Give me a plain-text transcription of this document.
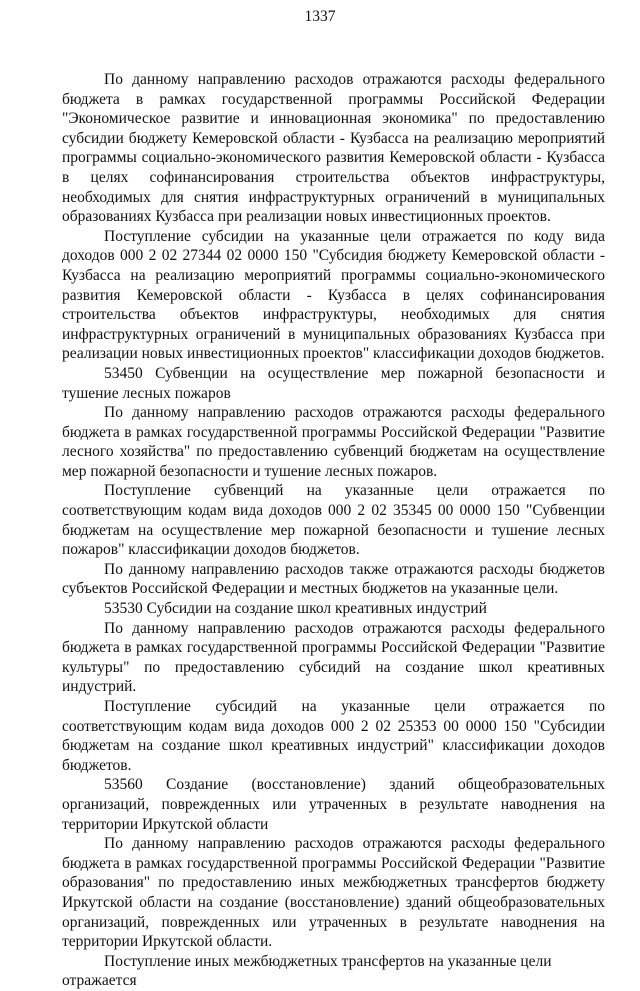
1337

По данному направлению расходов отражаются расходы федерального бюджета в рамках государственной программы Российской Федерации "Экономическое развитие и инновационная экономика" по предоставлению субсидии бюджету Кемеровской области - Кузбасса на реализацию мероприятий программы социально-экономического развития Кемеровской области - Кузбасса в целях софинансирования строительства объектов инфраструктуры, необходимых для снятия инфраструктурных ограничений в муниципальных образованиях Кузбасса при реализации новых инвестиционных проектов.

Поступление субсидии на указанные цели отражается по коду вида доходов 000 2 02 27344 02 0000 150 "Субсидия бюджету Кемеровской области - Кузбасса на реализацию мероприятий программы социально-экономического развития Кемеровской области - Кузбасса в целях софинансирования строительства объектов инфраструктуры, необходимых для снятия инфраструктурных ограничений в муниципальных образованиях Кузбасса при реализации новых инвестиционных проектов" классификации доходов бюджетов.

53450 Субвенции на осуществление мер пожарной безопасности и тушение лесных пожаров

По данному направлению расходов отражаются расходы федерального бюджета в рамках государственной программы Российской Федерации "Развитие лесного хозяйства" по предоставлению субвенций бюджетам на осуществление мер пожарной безопасности и тушение лесных пожаров.

Поступление субвенций на указанные цели отражается по соответствующим кодам вида доходов 000 2 02 35345 00 0000 150 "Субвенции бюджетам на осуществление мер пожарной безопасности и тушение лесных пожаров" классификации доходов бюджетов.

По данному направлению расходов также отражаются расходы бюджетов субъектов Российской Федерации и местных бюджетов на указанные цели.

53530 Субсидии на создание школ креативных индустрий

По данному направлению расходов отражаются расходы федерального бюджета в рамках государственной программы Российской Федерации "Развитие культуры" по предоставлению субсидий на создание школ креативных индустрий.

Поступление субсидий на указанные цели отражается по соответствующим кодам вида доходов 000 2 02 25353 00 0000 150 "Субсидии бюджетам на создание школ креативных индустрий" классификации доходов бюджетов.

53560 Создание (восстановление) зданий общеобразовательных организаций, поврежденных или утраченных в результате наводнения на территории Иркутской области

По данному направлению расходов отражаются расходы федерального бюджета в рамках государственной программы Российской Федерации "Развитие образования" по предоставлению иных межбюджетных трансфертов бюджету Иркутской области на создание (восстановление) зданий общеобразовательных организаций, поврежденных или утраченных в результате наводнения на территории Иркутской области.

Поступление иных межбюджетных трансфертов на указанные цели отражается
